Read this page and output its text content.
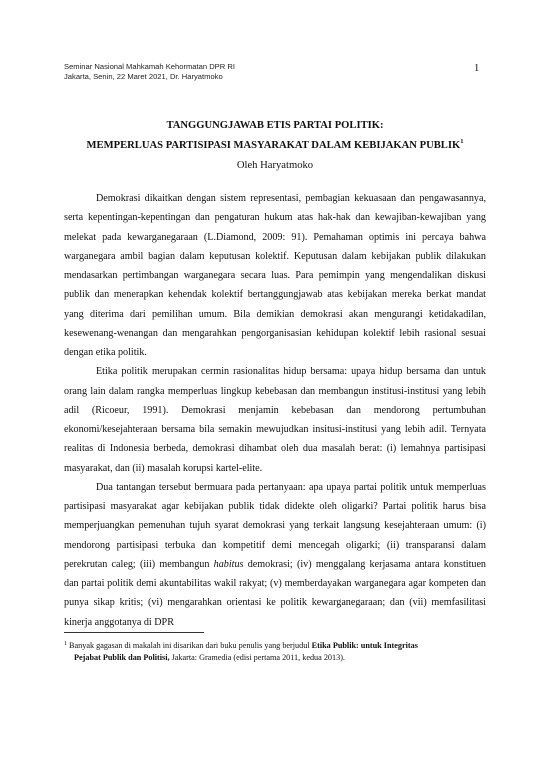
Seminar Nasional Mahkamah Kehormatan DPR RI
Jakarta, Senin, 22 Maret 2021, Dr. Haryatmoko
1
TANGGUNGJAWAB ETIS PARTAI POLITIK:
MEMPERLUAS PARTISIPASI MASYARAKAT DALAM KEBIJAKAN PUBLIK$^1$
Oleh Haryatmoko

Demokrasi dikaitkan dengan sistem representasi, pembagian kekuasaan dan pengawasannya, serta kepentingan-kepentingan dan pengaturan hukum atas hak-hak dan kewajiban-kewajiban yang melekat pada kewarganegaraan (L.Diamond, 2009: 91). Pemahaman optimis ini percaya bahwa warganegara ambil bagian dalam keputusan kolektif. Keputusan dalam kebijakan publik dilakukan mendasarkan pertimbangan warganegara secara luas. Para pemimpin yang mengendalikan diskusi publik dan menerapkan kehendak kolektif bertanggungjawab atas kebijakan mereka berkat mandat yang diterima dari pemilihan umum. Bila demikian demokrasi akan mengurangi ketidakadilan, kesewenang-wenangan dan mengarahkan pengorganisasian kehidupan kolektif lebih rasional sesuai dengan etika politik.

Etika politik merupakan cermin rasionalitas hidup bersama: upaya hidup bersama dan untuk orang lain dalam rangka memperluas lingkup kebebasan dan membangun institusi-institusi yang lebih adil (Ricoeur, 1991). Demokrasi menjamin kebebasan dan mendorong pertumbuhan ekonomi/kesejahteraan bersama bila semakin mewujudkan insitusi-institusi yang lebih adil. Ternyata realitas di Indonesia berbeda, demokrasi dihambat oleh dua masalah berat: (i) lemahnya partisipasi masyarakat, dan (ii) masalah korupsi kartel-elite.

Dua tantangan tersebut bermuara pada pertanyaan: apa upaya partai politik untuk memperluas partisipasi masyarakat agar kebijakan publik tidak didekte oleh oligarki? Partai politik harus bisa memperjuangkan pemenuhan tujuh syarat demokrasi yang terkait langsung kesejahteraan umum: (i) mendorong partisipasi terbuka dan kompetitif demi mencegah oligarki; (ii) transparansi dalam perekrutan caleg; (iii) membangun habitus demokrasi; (iv) menggalang kerjasama antara konstituen dan partai politik demi akuntabilitas wakil rakyat; (v) memberdayakan warganegara agar kompeten dan punya sikap kritis; (vi) mengarahkan orientasi ke politik kewarganegaraan; dan (vii) memfasilitasi kinerja anggotanya di DPR

$^1$ Banyak gagasan di makalah ini disarikan dari buku penulis yang berjudul Etika Publik: untuk Integritas
Pejabat Publik dan Politisi, Jakarta: Gramedia (edisi pertama 2011, kedua 2013).
